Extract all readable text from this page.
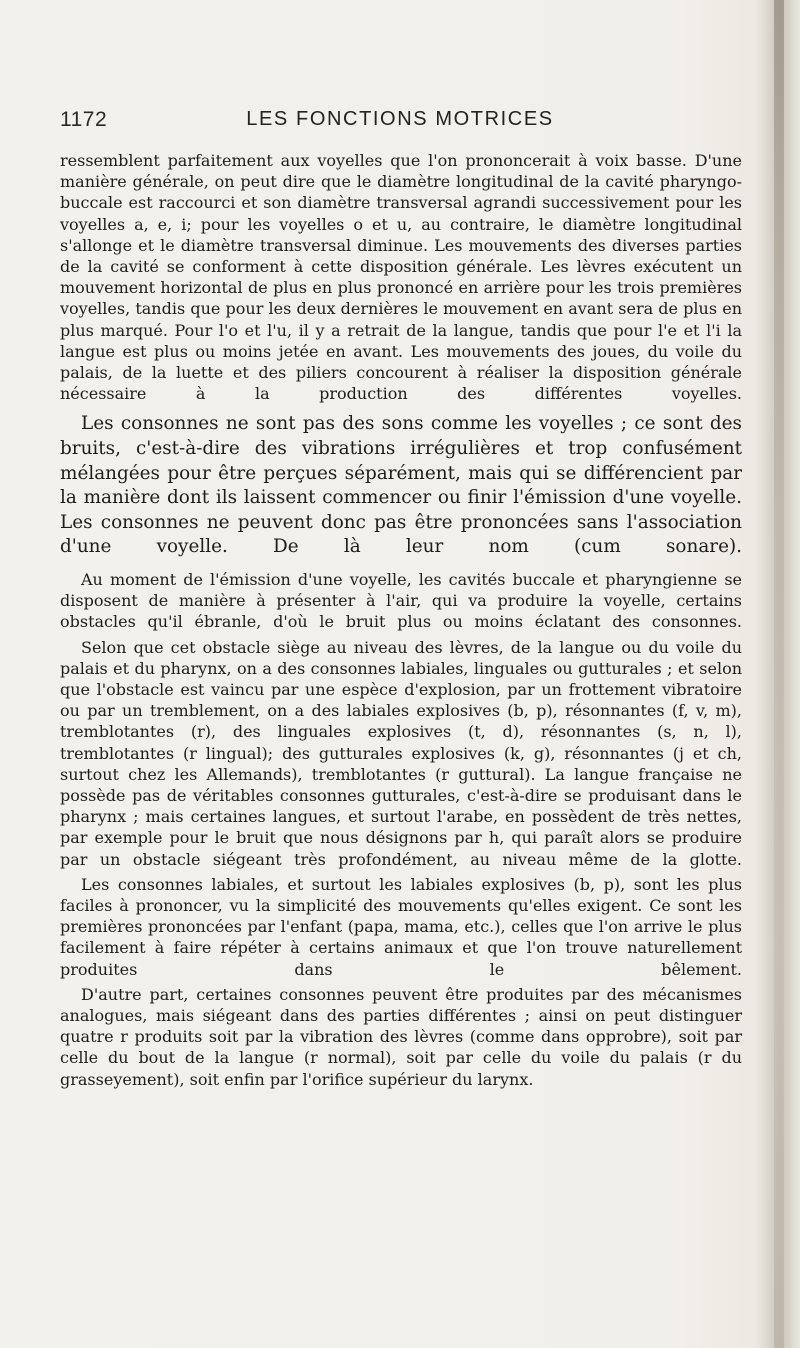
1172	LES FONCTIONS MOTRICES

ressemblent parfaitement aux voyelles que l'on prononcerait à voix basse. D'une manière générale, on peut dire que le diamètre longitudinal de la cavité pharyngo-buccale est raccourci et son diamètre transversal agrandi successivement pour les voyelles a, e, i; pour les voyelles o et u, au contraire, le diamètre longitudinal s'allonge et le diamètre transversal diminue. Les mouvements des diverses parties de la cavité se conforment à cette disposition générale. Les lèvres exécutent un mouvement horizontal de plus en plus prononcé en arrière pour les trois premières voyelles, tandis que pour les deux dernières le mouvement en avant sera de plus en plus marqué. Pour l'o et l'u, il y a retrait de la langue, tandis que pour l'e et l'i la langue est plus ou moins jetée en avant. Les mouvements des joues, du voile du palais, de la luette et des piliers concourent à réaliser la disposition générale nécessaire à la production des différentes voyelles.

Les consonnes ne sont pas des sons comme les voyelles ; ce sont des bruits, c'est-à-dire des vibrations irrégulières et trop confusément mélangées pour être perçues séparément, mais qui se différencient par la manière dont ils laissent commencer ou finir l'émission d'une voyelle. Les consonnes ne peuvent donc pas être prononcées sans l'association d'une voyelle. De là leur nom (cum sonare).

Au moment de l'émission d'une voyelle, les cavités buccale et pharyngienne se disposent de manière à présenter à l'air, qui va produire la voyelle, certains obstacles qu'il ébranle, d'où le bruit plus ou moins éclatant des consonnes.

Selon que cet obstacle siège au niveau des lèvres, de la langue ou du voile du palais et du pharynx, on a des consonnes labiales, linguales ou gutturales ; et selon que l'obstacle est vaincu par une espèce d'explosion, par un frottement vibratoire ou par un tremblement, on a des labiales explosives (b, p), résonnantes (f, v, m), tremblotantes (r), des linguales explosives (t, d), résonnantes (s, n, l), tremblotantes (r lingual); des gutturales explosives (k, g), résonnantes (j et ch, surtout chez les Allemands), tremblotantes (r guttural). La langue française ne possède pas de véritables consonnes gutturales, c'est-à-dire se produisant dans le pharynx ; mais certaines langues, et surtout l'arabe, en possèdent de très nettes, par exemple pour le bruit que nous désignons par h, qui paraît alors se produire par un obstacle siégeant très profondément, au niveau même de la glotte.

Les consonnes labiales, et surtout les labiales explosives (b, p), sont les plus faciles à prononcer, vu la simplicité des mouvements qu'elles exigent. Ce sont les premières prononcées par l'enfant (papa, mama, etc.), celles que l'on arrive le plus facilement à faire répéter à certains animaux et que l'on trouve naturellement produites dans le bêlement.

D'autre part, certaines consonnes peuvent être produites par des mécanismes analogues, mais siégeant dans des parties différentes ; ainsi on peut distinguer quatre r produits soit par la vibration des lèvres (comme dans opprobre), soit par celle du bout de la langue (r normal), soit par celle du voile du palais (r du grasseyement), soit enfin par l'orifice supérieur du larynx.
